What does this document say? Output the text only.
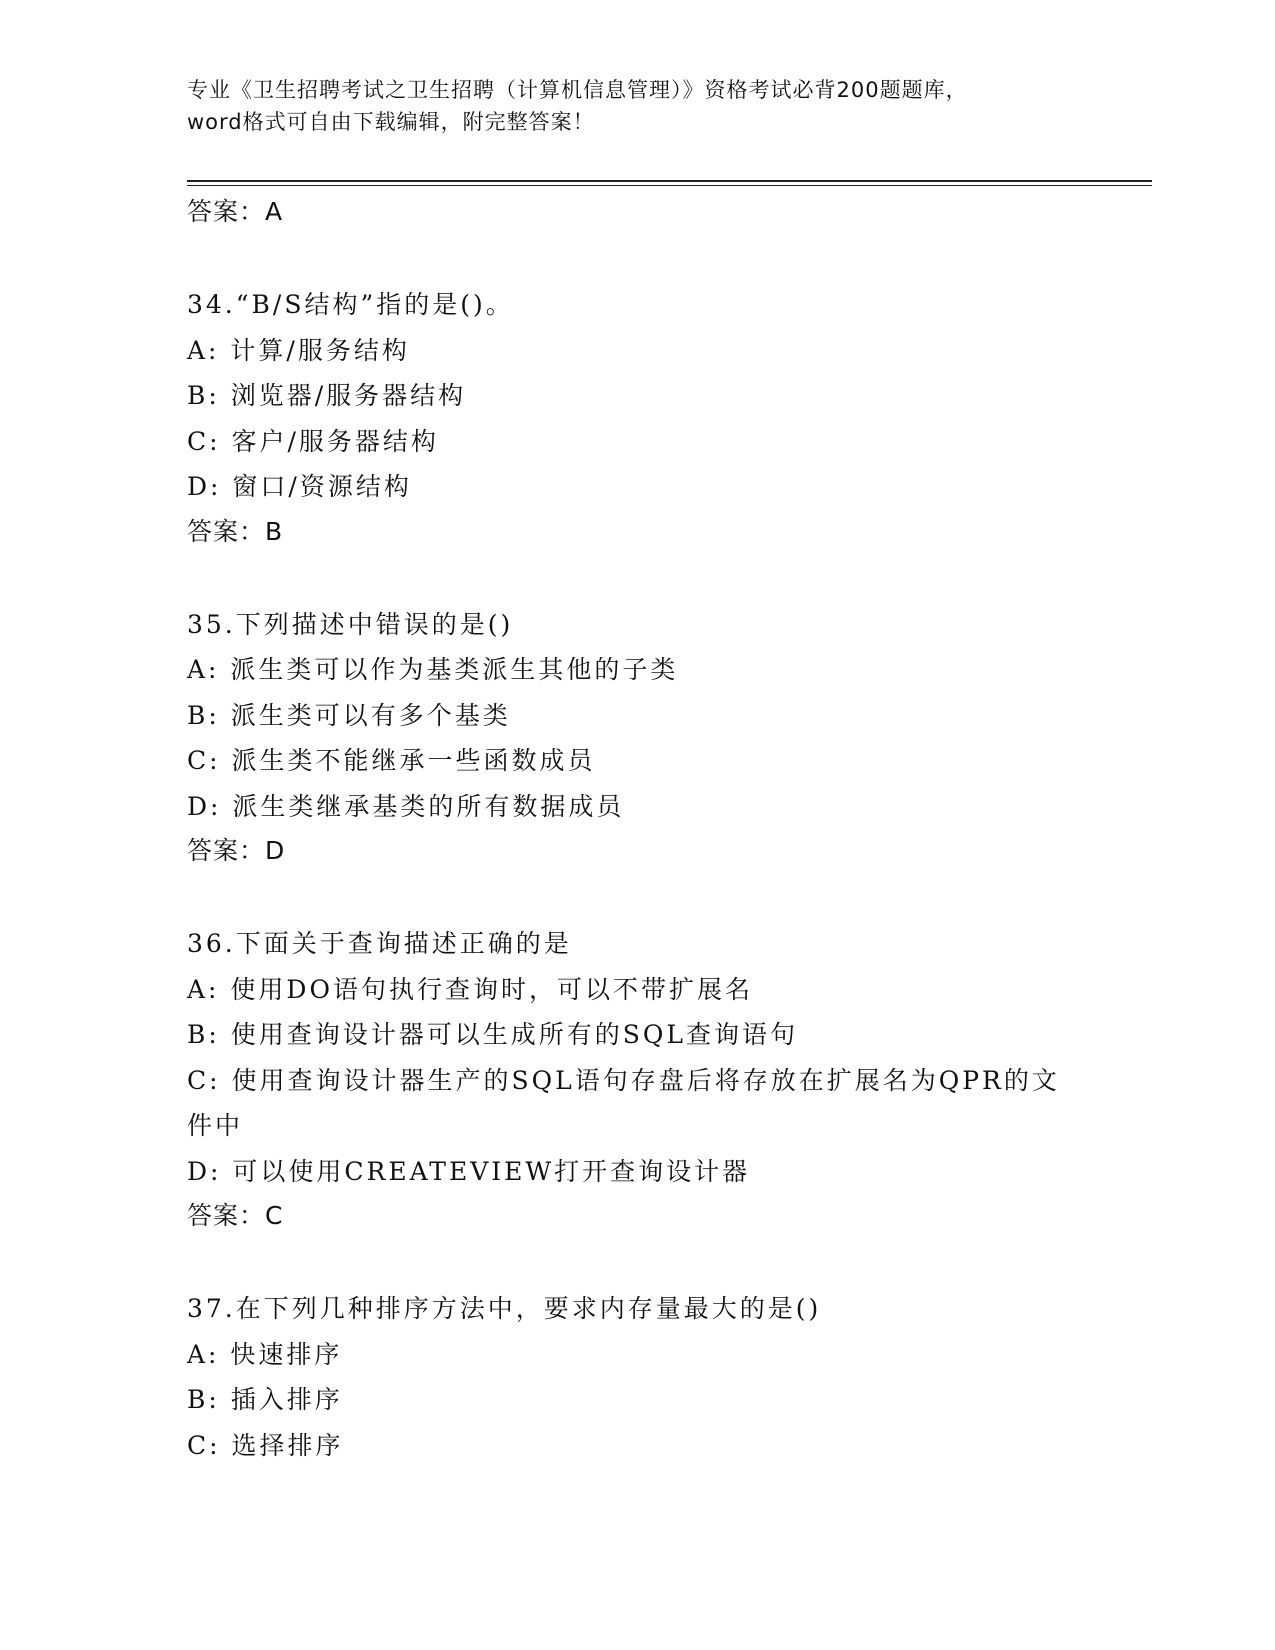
专业《卫生招聘考试之卫生招聘（计算机信息管理）》资格考试必背200题题库，
word格式可自由下载编辑，附完整答案！

答案：A

34.“B/S结构”指的是()。

A: 计算/服务结构

B: 浏览器/服务器结构

C: 客户/服务器结构

D: 窗口/资源结构

答案：B

35.下列描述中错误的是()

A: 派生类可以作为基类派生其他的子类

B: 派生类可以有多个基类

C: 派生类不能继承一些函数成员

D: 派生类继承基类的所有数据成员

答案：D

36.下面关于查询描述正确的是

A: 使用DO语句执行查询时，可以不带扩展名

B: 使用查询设计器可以生成所有的SQL查询语句

C: 使用查询设计器生产的SQL语句存盘后将存放在扩展名为QPR的文件中

D: 可以使用CREATEVIEW打开查询设计器

答案：C

37.在下列几种排序方法中，要求内存量最大的是()

A: 快速排序

B: 插入排序

C: 选择排序
